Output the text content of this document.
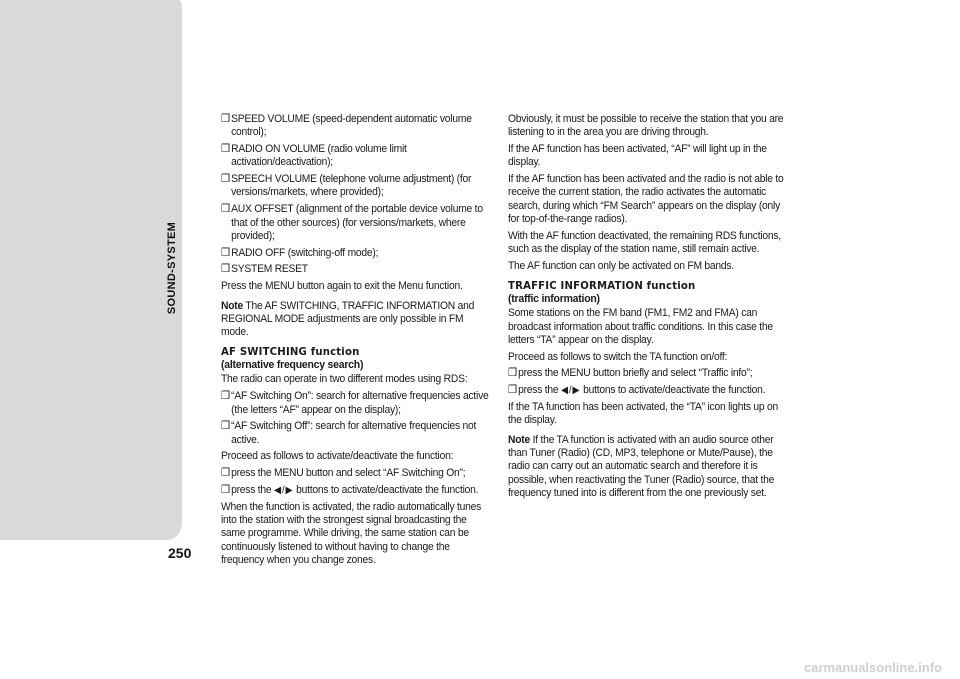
SOUND-SYSTEM
250
❒ SPEED VOLUME (speed-dependent automatic volume control);
❒ RADIO ON VOLUME (radio volume limit activation/deactivation);
❒ SPEECH VOLUME (telephone volume adjustment) (for versions/markets, where provided);
❒ AUX OFFSET (alignment of the portable device volume to that of the other sources) (for versions/markets, where provided);
❒ RADIO OFF (switching-off mode);
❒ SYSTEM RESET

Press the MENU button again to exit the Menu function.

Note The AF SWITCHING, TRAFFIC INFORMATION and REGIONAL MODE adjustments are only possible in FM mode.

AF SWITCHING function
(alternative frequency search)

The radio can operate in two different modes using RDS:

❒ “AF Switching On”: search for alternative frequencies active (the letters “AF” appear on the display);
❒ “AF Switching Off”: search for alternative frequencies not active.

Proceed as follows to activate/deactivate the function:

❒ press the MENU button and select “AF Switching On”;
❒ press the ◀/▶ buttons to activate/deactivate the function.

When the function is activated, the radio automatically tunes into the station with the strongest signal broadcasting the same programme. While driving, the same station can be continuously listened to without having to change the frequency when you change zones.

Obviously, it must be possible to receive the station that you are listening to in the area you are driving through.

If the AF function has been activated, “AF” will light up in the display.

If the AF function has been activated and the radio is not able to receive the current station, the radio activates the automatic search, during which “FM Search” appears on the display (only for top-of-the-range radios).

With the AF function deactivated, the remaining RDS functions, such as the display of the station name, still remain active.

The AF function can only be activated on FM bands.

TRAFFIC INFORMATION function
(traffic information)

Some stations on the FM band (FM1, FM2 and FMA) can broadcast information about traffic conditions. In this case the letters “TA” appear on the display.

Proceed as follows to switch the TA function on/off:

❒ press the MENU button briefly and select “Traffic info”;
❒ press the ◀/▶ buttons to activate/deactivate the function.

If the TA function has been activated, the “TA” icon lights up on the display.

Note If the TA function is activated with an audio source other than Tuner (Radio) (CD, MP3, telephone or Mute/Pause), the radio can carry out an automatic search and therefore it is possible, when reactivating the Tuner (Radio) source, that the frequency tuned into is different from the one previously set.

carmanualsonline.info
